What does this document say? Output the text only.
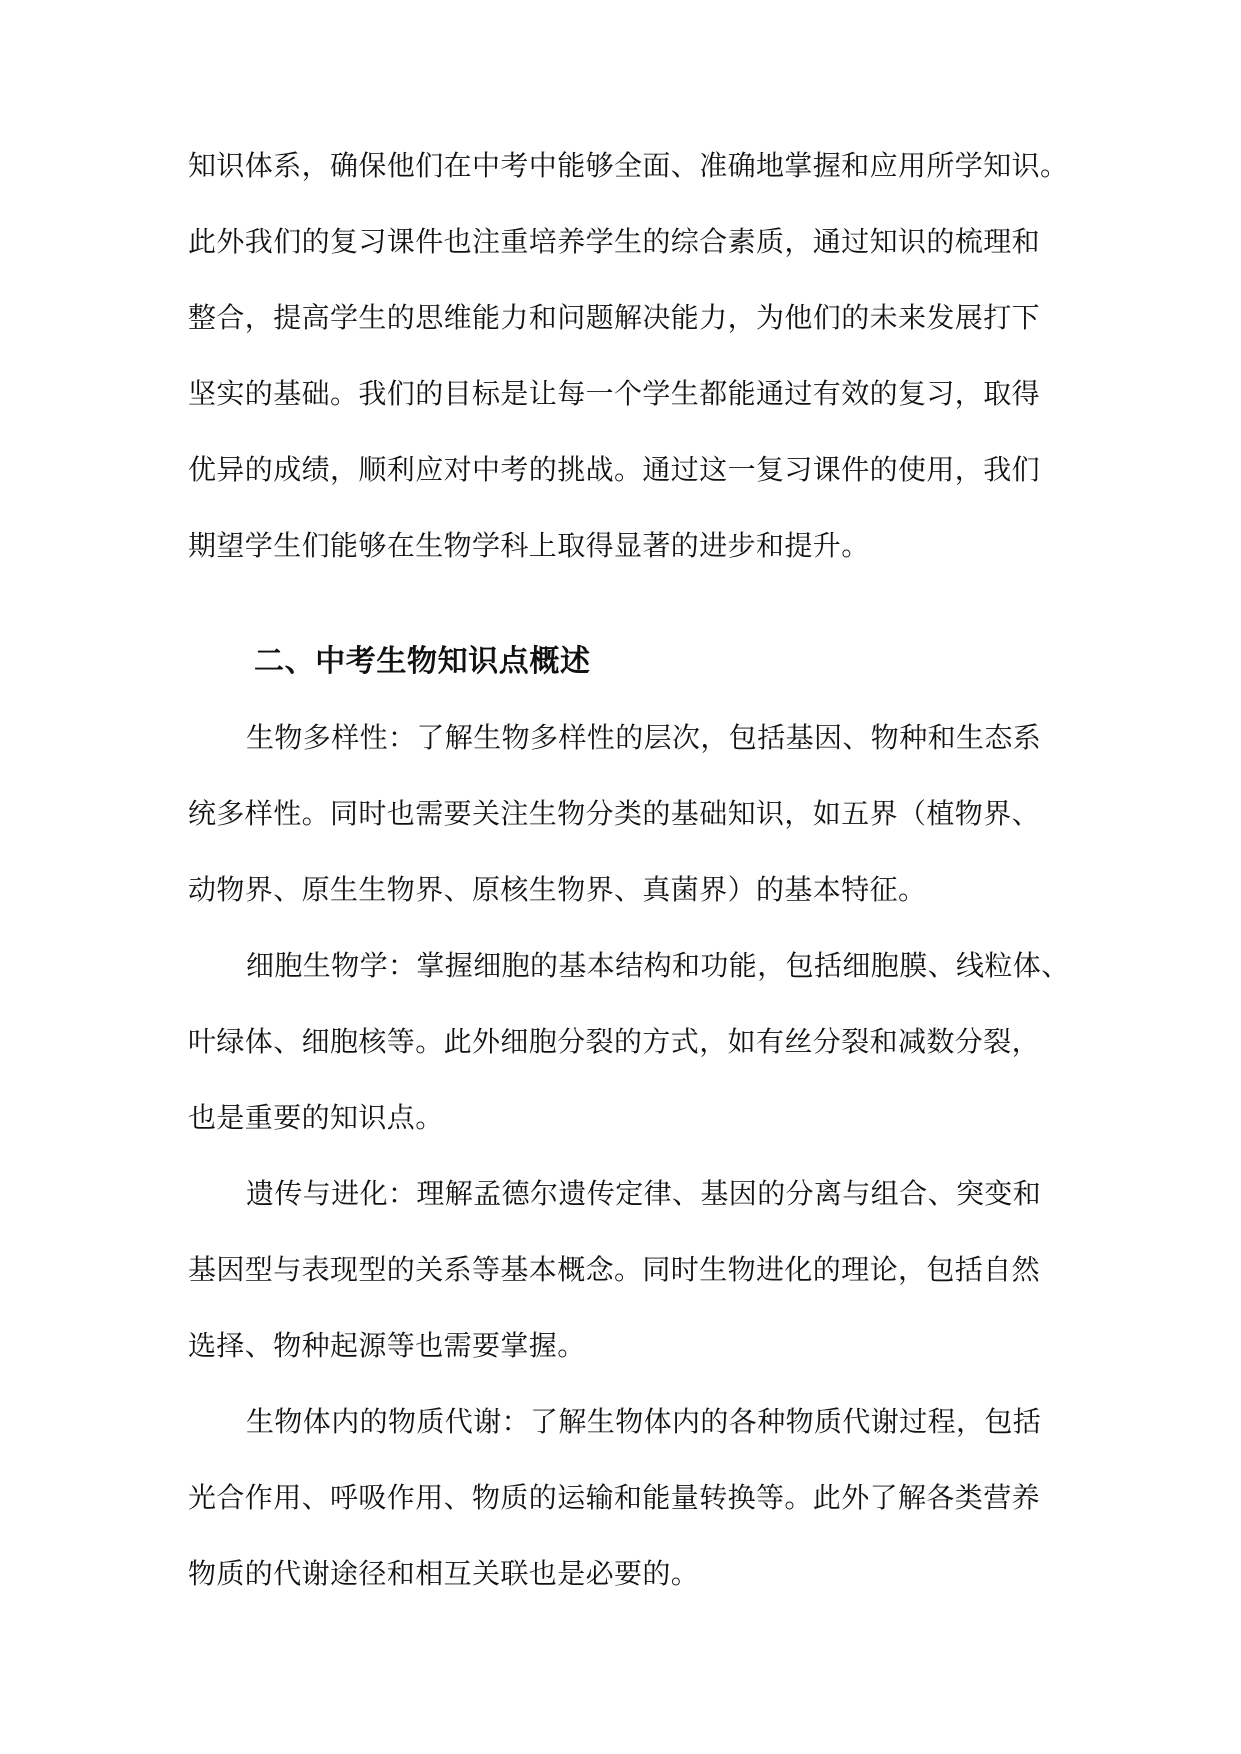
知识体系，确保他们在中考中能够全面、准确地掌握和应用所学知识。
此外我们的复习课件也注重培养学生的综合素质，通过知识的梳理和
整合，提高学生的思维能力和问题解决能力，为他们的未来发展打下
坚实的基础。我们的目标是让每一个学生都能通过有效的复习，取得
优异的成绩，顺利应对中考的挑战。通过这一复习课件的使用，我们
期望学生们能够在生物学科上取得显著的进步和提升。
二、中考生物知识点概述
生物多样性：了解生物多样性的层次，包括基因、物种和生态系
统多样性。同时也需要关注生物分类的基础知识，如五界（植物界、
动物界、原生生物界、原核生物界、真菌界）的基本特征。
细胞生物学：掌握细胞的基本结构和功能，包括细胞膜、线粒体、
叶绿体、细胞核等。此外细胞分裂的方式，如有丝分裂和减数分裂，
也是重要的知识点。
遗传与进化：理解孟德尔遗传定律、基因的分离与组合、突变和
基因型与表现型的关系等基本概念。同时生物进化的理论，包括自然
选择、物种起源等也需要掌握。
生物体内的物质代谢：了解生物体内的各种物质代谢过程，包括
光合作用、呼吸作用、物质的运输和能量转换等。此外了解各类营养
物质的代谢途径和相互关联也是必要的。
